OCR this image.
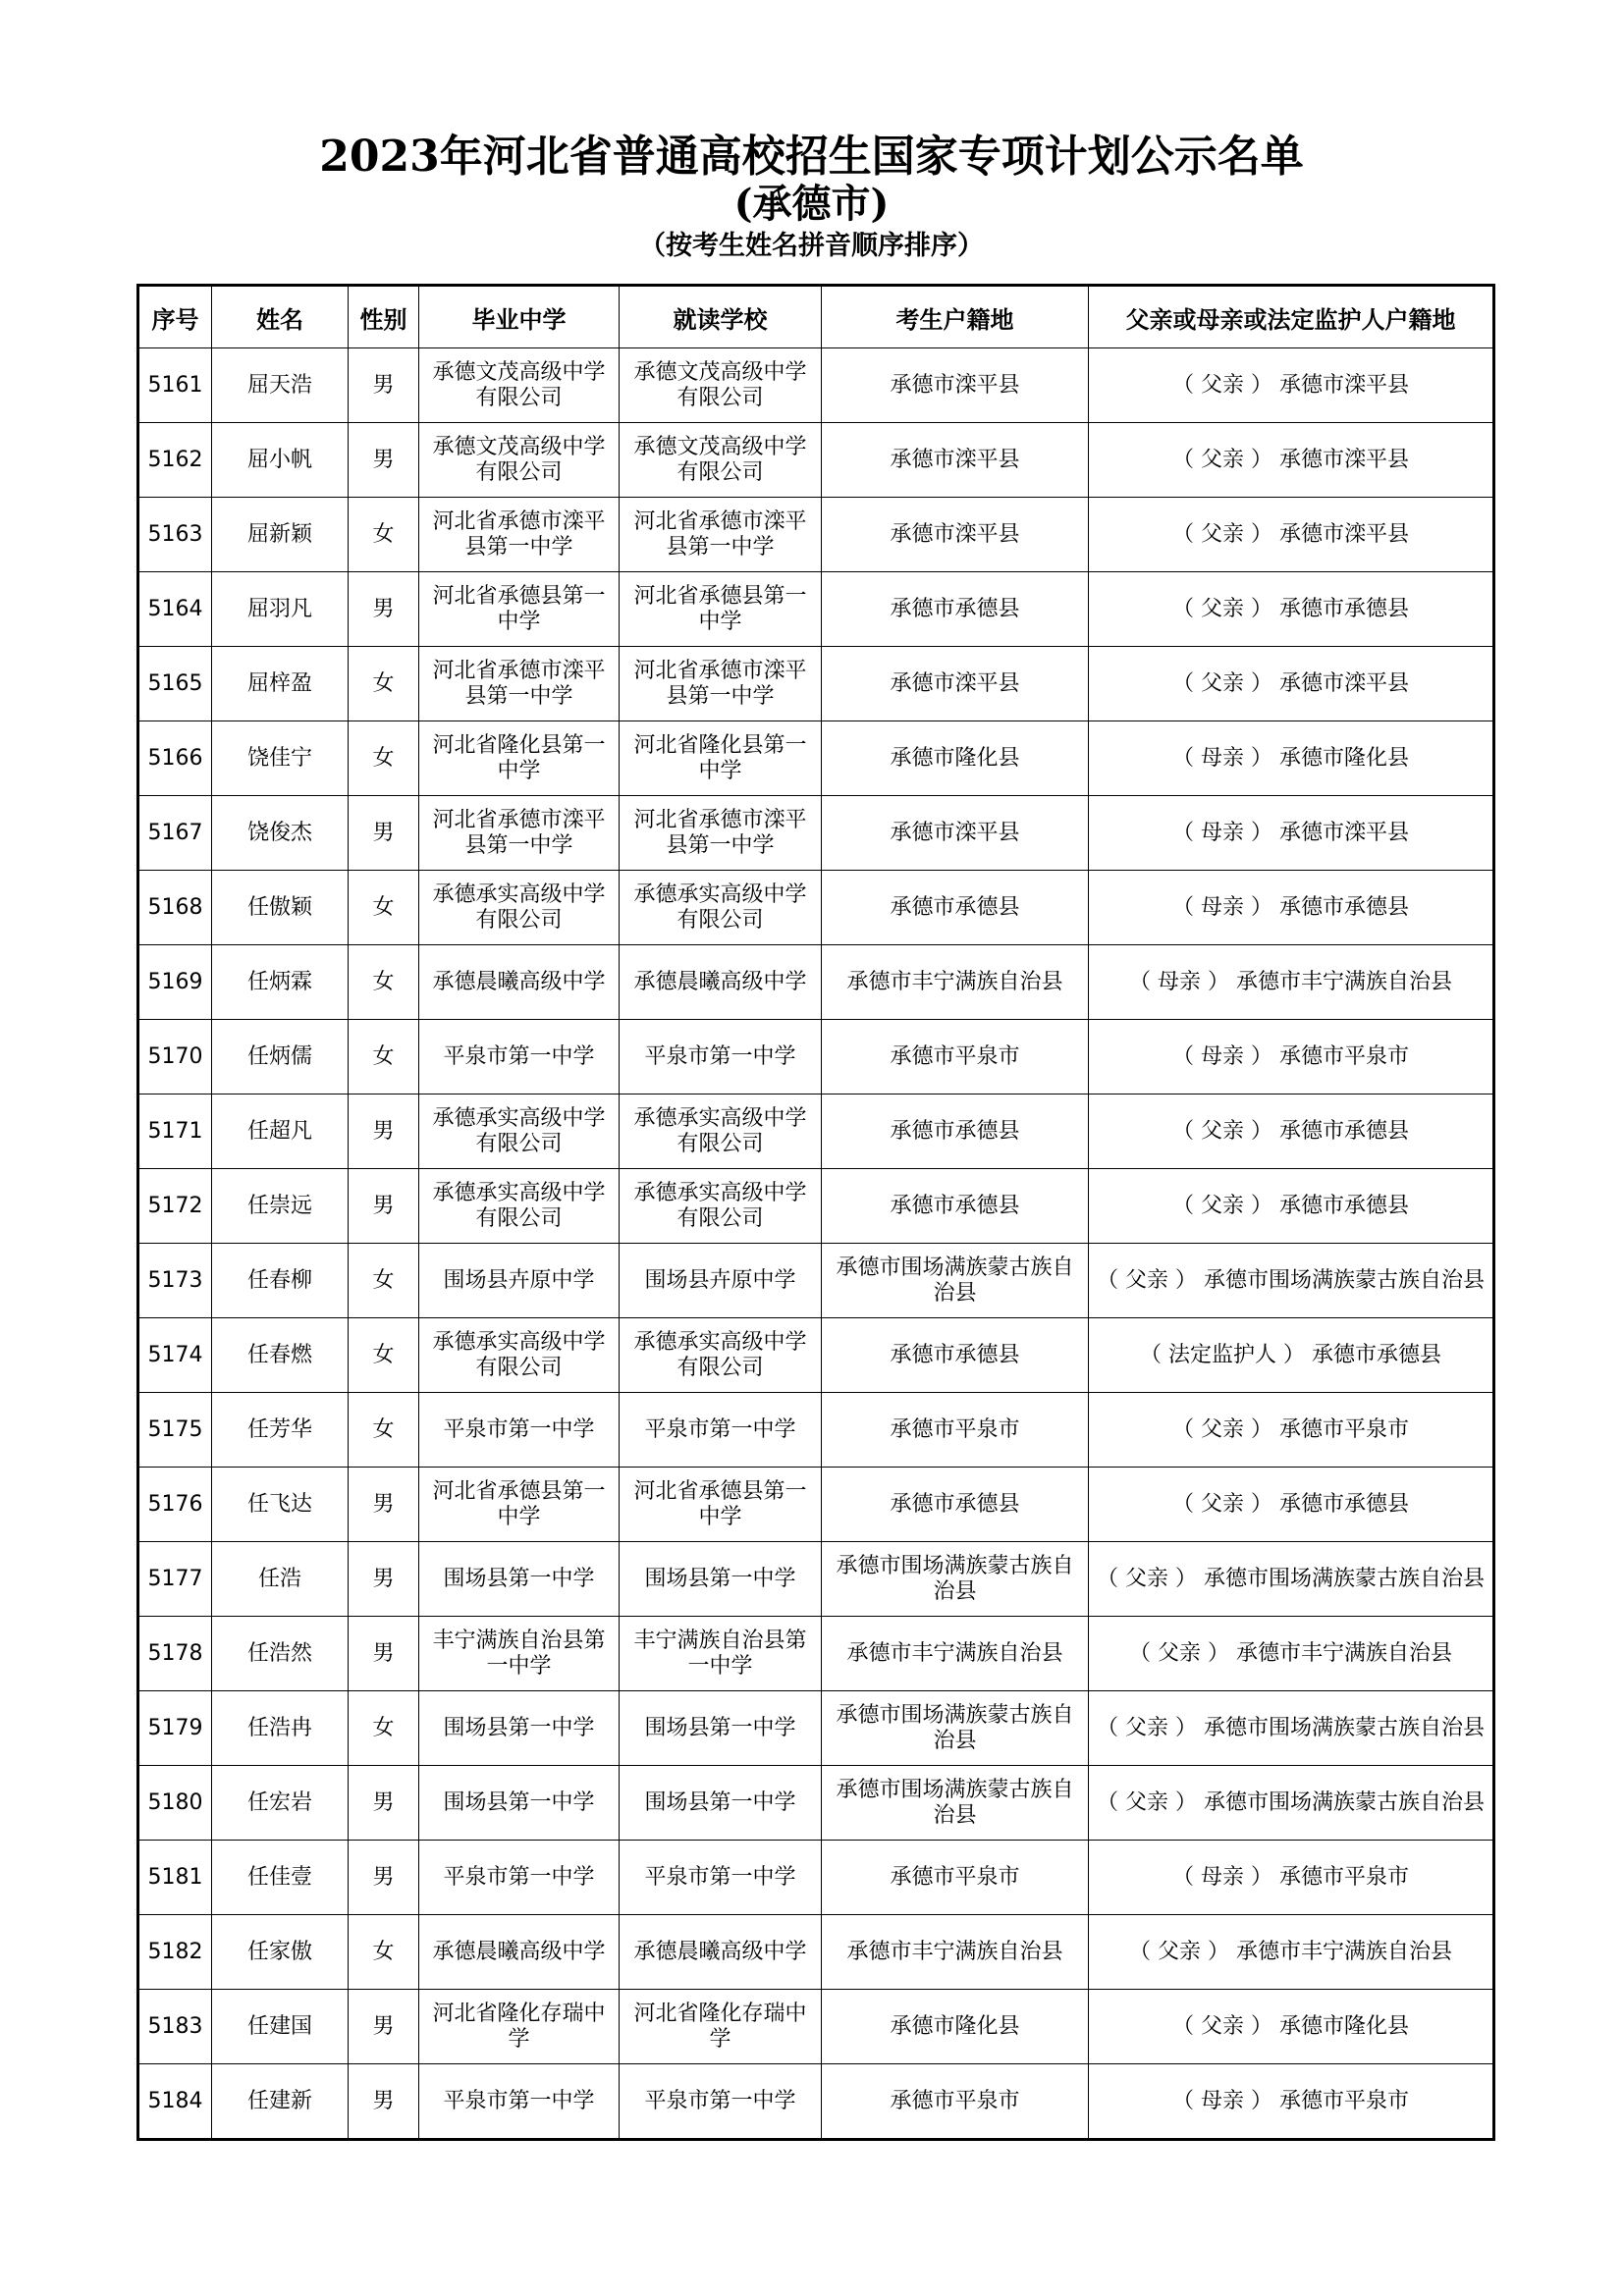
2023年河北省普通高校招生国家专项计划公示名单
(承德市)
（按考生姓名拼音顺序排序）
序号	姓名	性别	毕业中学	就读学校	考生户籍地	父亲或母亲或法定监护人户籍地
5161	屈天浩	男	承德文茂高级中学有限公司	承德文茂高级中学有限公司	承德市滦平县	（ 父亲 ） 承德市滦平县
5162	屈小帆	男	承德文茂高级中学有限公司	承德文茂高级中学有限公司	承德市滦平县	（ 父亲 ） 承德市滦平县
5163	屈新颖	女	河北省承德市滦平县第一中学	河北省承德市滦平县第一中学	承德市滦平县	（ 父亲 ） 承德市滦平县
5164	屈羽凡	男	河北省承德县第一中学	河北省承德县第一中学	承德市承德县	（ 父亲 ） 承德市承德县
5165	屈梓盈	女	河北省承德市滦平县第一中学	河北省承德市滦平县第一中学	承德市滦平县	（ 父亲 ） 承德市滦平县
5166	饶佳宁	女	河北省隆化县第一中学	河北省隆化县第一中学	承德市隆化县	（ 母亲 ） 承德市隆化县
5167	饶俊杰	男	河北省承德市滦平县第一中学	河北省承德市滦平县第一中学	承德市滦平县	（ 母亲 ） 承德市滦平县
5168	任傲颖	女	承德承实高级中学有限公司	承德承实高级中学有限公司	承德市承德县	（ 母亲 ） 承德市承德县
5169	任炳霖	女	承德晨曦高级中学	承德晨曦高级中学	承德市丰宁满族自治县	（ 母亲 ） 承德市丰宁满族自治县
5170	任炳儒	女	平泉市第一中学	平泉市第一中学	承德市平泉市	（ 母亲 ） 承德市平泉市
5171	任超凡	男	承德承实高级中学有限公司	承德承实高级中学有限公司	承德市承德县	（ 父亲 ） 承德市承德县
5172	任崇远	男	承德承实高级中学有限公司	承德承实高级中学有限公司	承德市承德县	（ 父亲 ） 承德市承德县
5173	任春柳	女	围场县卉原中学	围场县卉原中学	承德市围场满族蒙古族自治县	（ 父亲 ） 承德市围场满族蒙古族自治县
5174	任春燃	女	承德承实高级中学有限公司	承德承实高级中学有限公司	承德市承德县	（ 法定监护人 ） 承德市承德县
5175	任芳华	女	平泉市第一中学	平泉市第一中学	承德市平泉市	（ 父亲 ） 承德市平泉市
5176	任飞达	男	河北省承德县第一中学	河北省承德县第一中学	承德市承德县	（ 父亲 ） 承德市承德县
5177	任浩	男	围场县第一中学	围场县第一中学	承德市围场满族蒙古族自治县	（ 父亲 ） 承德市围场满族蒙古族自治县
5178	任浩然	男	丰宁满族自治县第一中学	丰宁满族自治县第一中学	承德市丰宁满族自治县	（ 父亲 ） 承德市丰宁满族自治县
5179	任浩冉	女	围场县第一中学	围场县第一中学	承德市围场满族蒙古族自治县	（ 父亲 ） 承德市围场满族蒙古族自治县
5180	任宏岩	男	围场县第一中学	围场县第一中学	承德市围场满族蒙古族自治县	（ 父亲 ） 承德市围场满族蒙古族自治县
5181	任佳壹	男	平泉市第一中学	平泉市第一中学	承德市平泉市	（ 母亲 ） 承德市平泉市
5182	任家傲	女	承德晨曦高级中学	承德晨曦高级中学	承德市丰宁满族自治县	（ 父亲 ） 承德市丰宁满族自治县
5183	任建国	男	河北省隆化存瑞中学	河北省隆化存瑞中学	承德市隆化县	（ 父亲 ） 承德市隆化县
5184	任建新	男	平泉市第一中学	平泉市第一中学	承德市平泉市	（ 母亲 ） 承德市平泉市
